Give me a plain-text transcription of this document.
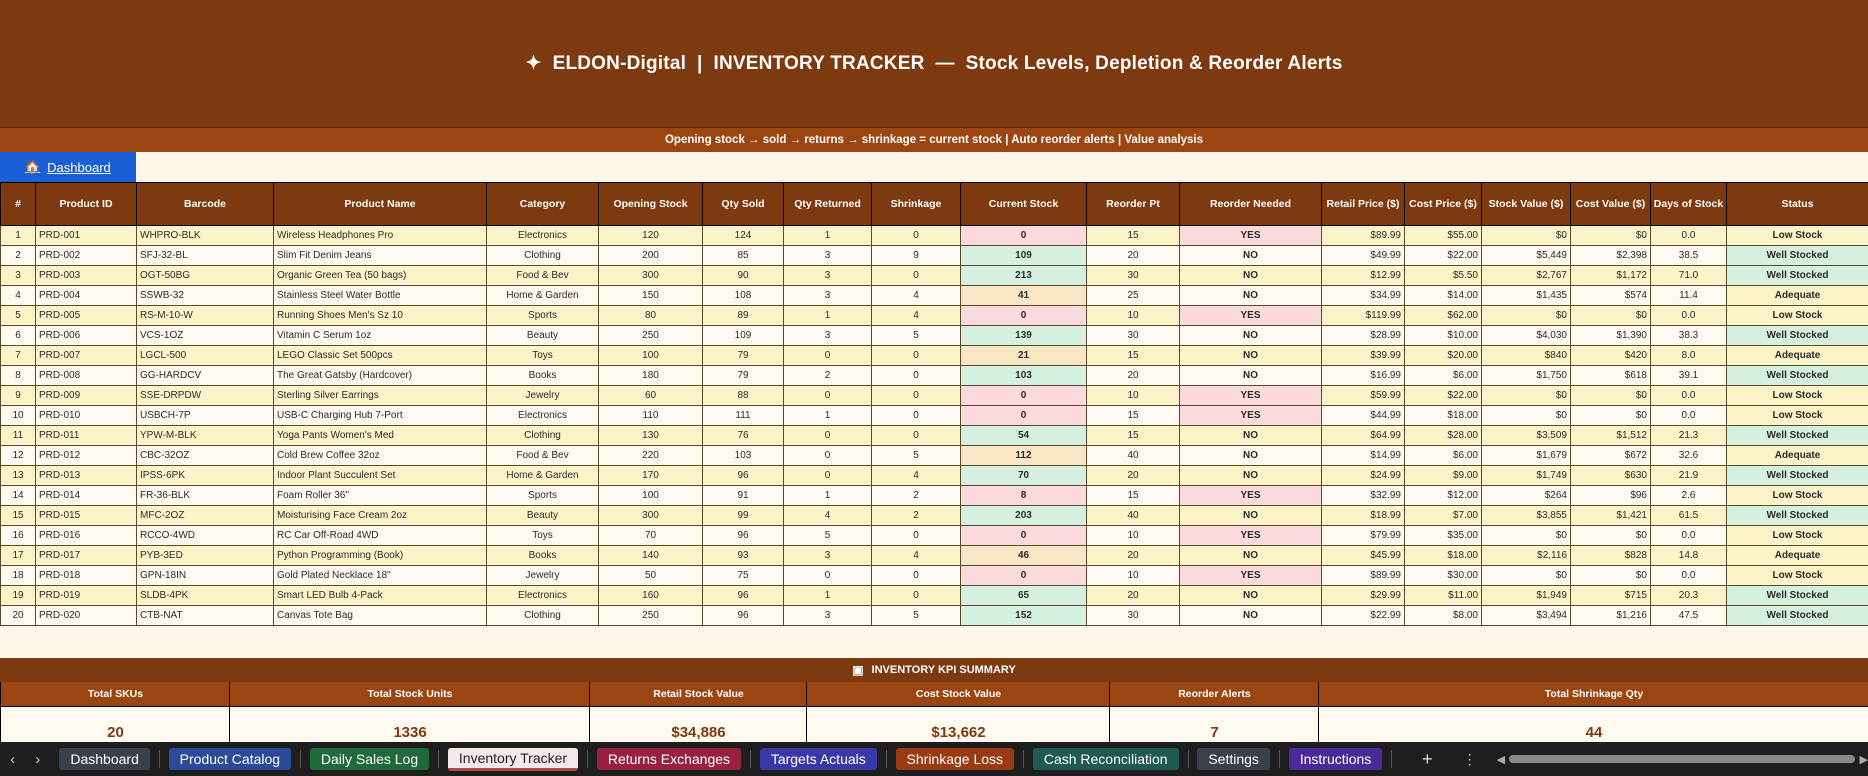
✦  ELDON-Digital  |  INVENTORY TRACKER  —  Stock Levels, Depletion & Reorder Alerts
Opening stock → sold → returns → shrinkage = current stock | Auto reorder alerts | Value analysis
🏠 Dashboard
#	Product ID	Barcode	Product Name	Category	Opening Stock	Qty Sold	Qty Returned	Shrinkage	Current Stock	Reorder Pt	Reorder Needed	Retail Price ($)	Cost Price ($)	Stock Value ($)	Cost Value ($)	Days of Stock	Status
1	PRD-001	WHPRO-BLK	Wireless Headphones Pro	Electronics	120	124	1	0	0	15	YES	$89.99	$55.00	$0	$0	0.0	Low Stock
2	PRD-002	SFJ-32-BL	Slim Fit Denim Jeans	Clothing	200	85	3	9	109	20	NO	$49.99	$22.00	$5,449	$2,398	38.5	Well Stocked
3	PRD-003	OGT-50BG	Organic Green Tea (50 bags)	Food & Bev	300	90	3	0	213	30	NO	$12.99	$5.50	$2,767	$1,172	71.0	Well Stocked
4	PRD-004	SSWB-32	Stainless Steel Water Bottle	Home & Garden	150	108	3	4	41	25	NO	$34.99	$14.00	$1,435	$574	11.4	Adequate
5	PRD-005	RS-M-10-W	Running Shoes Men's Sz 10	Sports	80	89	1	4	0	10	YES	$119.99	$62.00	$0	$0	0.0	Low Stock
6	PRD-006	VCS-1OZ	Vitamin C Serum 1oz	Beauty	250	109	3	5	139	30	NO	$28.99	$10.00	$4,030	$1,390	38.3	Well Stocked
7	PRD-007	LGCL-500	LEGO Classic Set 500pcs	Toys	100	79	0	0	21	15	NO	$39.99	$20.00	$840	$420	8.0	Adequate
8	PRD-008	GG-HARDCV	The Great Gatsby (Hardcover)	Books	180	79	2	0	103	20	NO	$16.99	$6.00	$1,750	$618	39.1	Well Stocked
9	PRD-009	SSE-DRPDW	Sterling Silver Earrings	Jewelry	60	88	0	0	0	10	YES	$59.99	$22.00	$0	$0	0.0	Low Stock
10	PRD-010	USBCH-7P	USB-C Charging Hub 7-Port	Electronics	110	111	1	0	0	15	YES	$44.99	$18.00	$0	$0	0.0	Low Stock
11	PRD-011	YPW-M-BLK	Yoga Pants Women's Med	Clothing	130	76	0	0	54	15	NO	$64.99	$28.00	$3,509	$1,512	21.3	Well Stocked
12	PRD-012	CBC-32OZ	Cold Brew Coffee 32oz	Food & Bev	220	103	0	5	112	40	NO	$14.99	$6.00	$1,679	$672	32.6	Adequate
13	PRD-013	IPSS-6PK	Indoor Plant Succulent Set	Home & Garden	170	96	0	4	70	20	NO	$24.99	$9.00	$1,749	$630	21.9	Well Stocked
14	PRD-014	FR-36-BLK	Foam Roller 36"	Sports	100	91	1	2	8	15	YES	$32.99	$12.00	$264	$96	2.6	Low Stock
15	PRD-015	MFC-2OZ	Moisturising Face Cream 2oz	Beauty	300	99	4	2	203	40	NO	$18.99	$7.00	$3,855	$1,421	61.5	Well Stocked
16	PRD-016	RCCO-4WD	RC Car Off-Road 4WD	Toys	70	96	5	0	0	10	YES	$79.99	$35.00	$0	$0	0.0	Low Stock
17	PRD-017	PYB-3ED	Python Programming (Book)	Books	140	93	3	4	46	20	NO	$45.99	$18.00	$2,116	$828	14.8	Adequate
18	PRD-018	GPN-18IN	Gold Plated Necklace 18"	Jewelry	50	75	0	0	0	10	YES	$89.99	$30.00	$0	$0	0.0	Low Stock
19	PRD-019	SLDB-4PK	Smart LED Bulb 4-Pack	Electronics	160	96	1	0	65	20	NO	$29.99	$11.00	$1,949	$715	20.3	Well Stocked
20	PRD-020	CTB-NAT	Canvas Tote Bag	Clothing	250	96	3	5	152	30	NO	$22.99	$8.00	$3,494	$1,216	47.5	Well Stocked
▣ INVENTORY KPI SUMMARY
Total SKUs
20
Total Stock Units
1336
Retail Stock Value
$34,886
Cost Stock Value
$13,662
Reorder Alerts
7
Total Shrinkage Qty
44
‹	›	Dashboard	Product Catalog	Daily Sales Log	Inventory Tracker	Returns Exchanges	Targets Actuals	Shrinkage Loss	Cash Reconciliation	Settings	Instructions	+ ⋮ ◀	▶
